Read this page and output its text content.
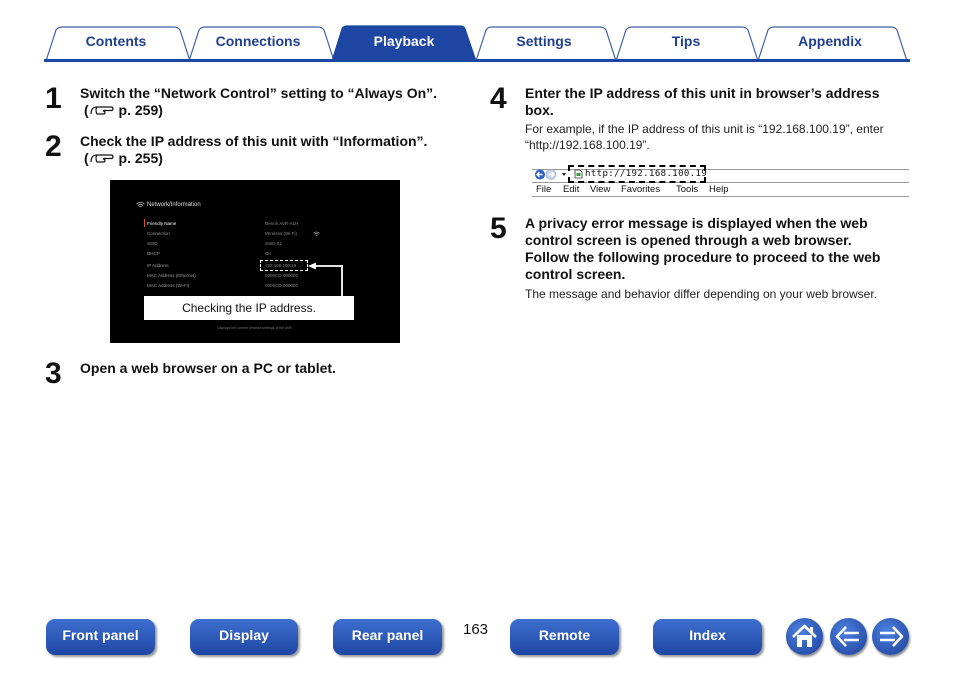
Contents	Connections	Playback	Settings	Tips	Appendix
1 Switch the “Network Control” setting to “Always On”.
( p. 259)
2 Check the IP address of this unit with “Information”.
( p. 255)
Network/Information
Friendly Name	Denon AVR-A1H
Connection	Wireless (Wi-Fi)
SSID	SSID 01
DHCP	On
IP Address	192.168.100.19
MAC Address (Ethernet)	0005CD-000000
MAC Address (Wi-Fi)	0005CD-000000
Checking the IP address.
Displays the current network settings of the AVR.
3 Open a web browser on a PC or tablet.
4 Enter the IP address of this unit in browser’s address
box.
For example, if the IP address of this unit is “192.168.100.19”, enter
“http://192.168.100.19”.
http://192.168.100.19
File Edit View Favorites Tools Help
5 A privacy error message is displayed when the web
control screen is opened through a web browser.
Follow the following procedure to proceed to the web
control screen.
The message and behavior differ depending on your web browser.
Front panel	Display	Rear panel	163	Remote	Index
